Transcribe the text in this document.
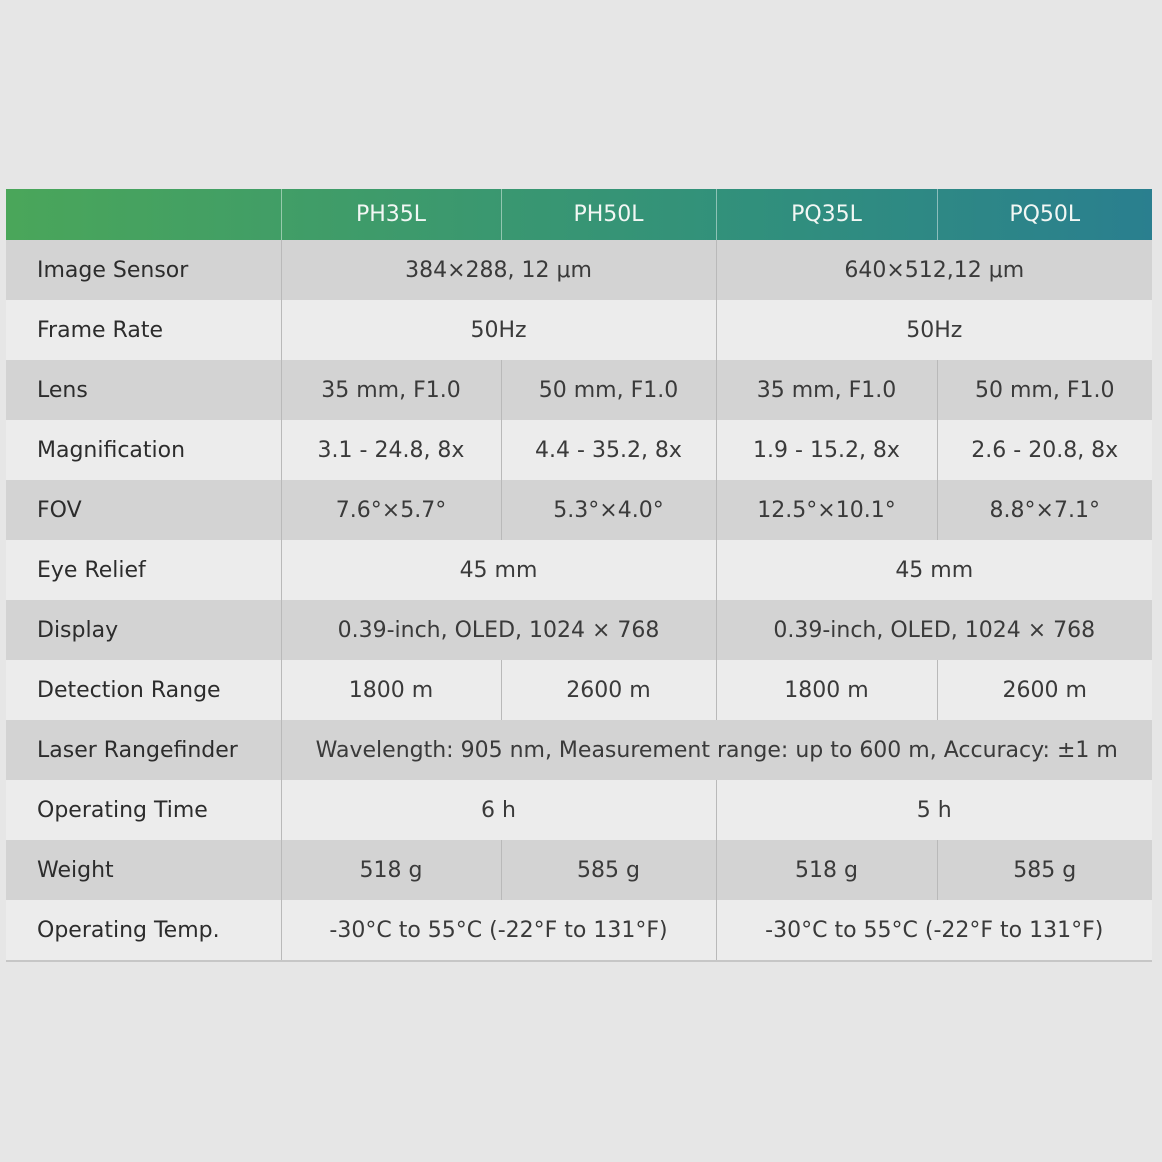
	PH35L	PH50L	PQ35L	PQ50L
Image Sensor	384×288, 12 μm		640×512,12 μm	
Frame Rate	50Hz		50Hz	
Lens	35 mm, F1.0	50 mm, F1.0	35 mm, F1.0	50 mm, F1.0
Magnification	3.1 - 24.8, 8x	4.4 - 35.2, 8x	1.9 - 15.2, 8x	2.6 - 20.8, 8x
FOV	7.6°×5.7°	5.3°×4.0°	12.5°×10.1°	8.8°×7.1°
Eye Relief	45 mm		45 mm	
Display	0.39-inch, OLED, 1024 × 768		0.39-inch, OLED, 1024 × 768	
Detection Range	1800 m	2600 m	1800 m	2600 m
Laser Rangefinder	Wavelength: 905 nm, Measurement range: up to 600 m, Accuracy: ±1 m			
Operating Time	6 h		5 h	
Weight	518 g	585 g	518 g	585 g
Operating Temp.	-30°C to 55°C (-22°F to 131°F)		-30°C to 55°C (-22°F to 131°F)	
